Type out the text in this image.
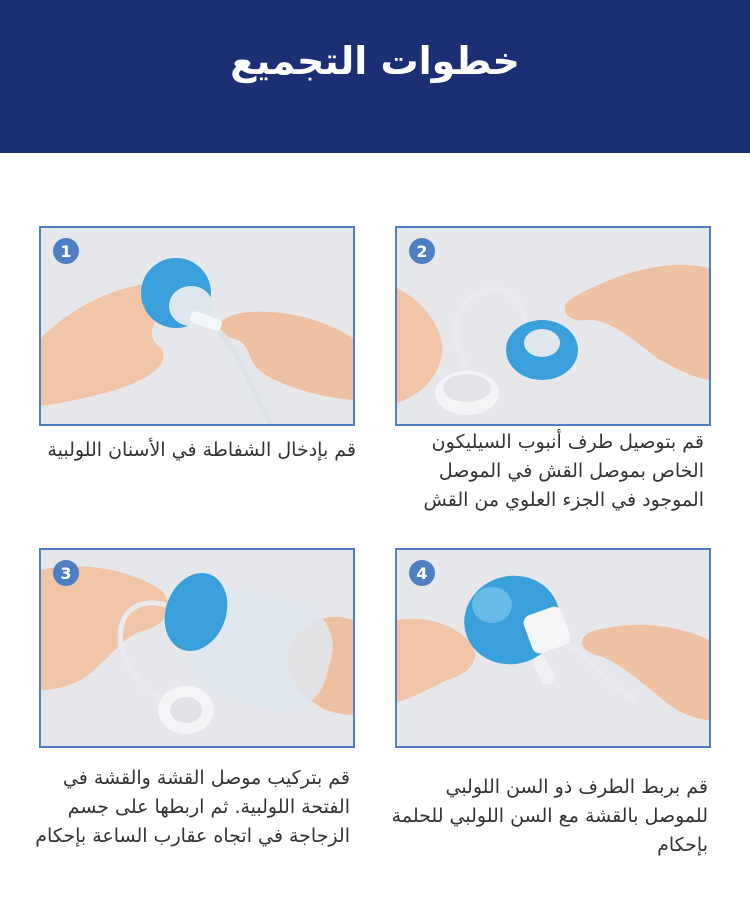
خطوات التجميع
1	2
3	4
قم بإدخال الشفاطة في الأسنان اللولبية	قم بتوصيل طرف أنبوب السيليكون الخاص بموصل القش في الموصل الموجود في الجزء العلوي من القش
قم بتركيب موصل القشة والقشة في الفتحة اللولبية. ثم اربطها على جسم الزجاجة في اتجاه عقارب الساعة بإحكام
قم بربط الطرف ذو السن اللولبي للموصل بالقشة مع السن اللولبي للحلمة بإحكام
